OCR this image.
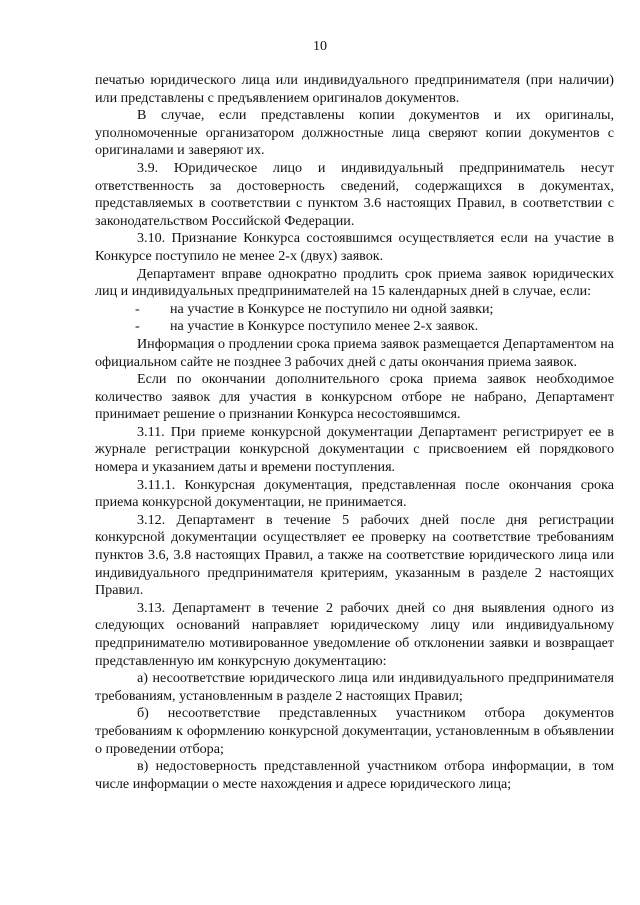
10

печатью юридического лица или индивидуального предпринимателя (при наличии) или представлены с предъявлением оригиналов документов.

В случае, если представлены копии документов и их оригиналы, уполномоченные организатором должностные лица сверяют копии документов с оригиналами и заверяют их.

3.9. Юридическое лицо и индивидуальный предприниматель несут ответственность за достоверность сведений, содержащихся в документах, представляемых в соответствии с пунктом 3.6 настоящих Правил, в соответствии с законодательством Российской Федерации.

3.10. Признание Конкурса состоявшимся осуществляется если на участие в Конкурсе поступило не менее 2-х (двух) заявок.

Департамент вправе однократно продлить срок приема заявок юридических лиц и индивидуальных предпринимателей на 15 календарных дней в случае, если:

- на участие в Конкурсе не поступило ни одной заявки;

- на участие в Конкурсе поступило менее 2-х заявок.

Информация о продлении срока приема заявок размещается Департаментом на официальном сайте не позднее 3 рабочих дней с даты окончания приема заявок.

Если по окончании дополнительного срока приема заявок необходимое количество заявок для участия в конкурсном отборе не набрано, Департамент принимает решение о признании Конкурса несостоявшимся.

3.11. При приеме конкурсной документации Департамент регистрирует ее в журнале регистрации конкурсной документации с присвоением ей порядкового номера и указанием даты и времени поступления.

3.11.1. Конкурсная документация, представленная после окончания срока приема конкурсной документации, не принимается.

3.12. Департамент в течение 5 рабочих дней после дня регистрации конкурсной документации осуществляет ее проверку на соответствие требованиям пунктов 3.6, 3.8 настоящих Правил, а также на соответствие юридического лица или индивидуального предпринимателя критериям, указанным в разделе 2 настоящих Правил.

3.13. Департамент в течение 2 рабочих дней со дня выявления одного из следующих оснований направляет юридическому лицу или индивидуальному предпринимателю мотивированное уведомление об отклонении заявки и возвращает представленную им конкурсную документацию:

а) несоответствие юридического лица или индивидуального предпринимателя требованиям, установленным в разделе 2 настоящих Правил;

б) несоответствие представленных участником отбора документов требованиям к оформлению конкурсной документации, установленным в объявлении о проведении отбора;

в) недостоверность представленной участником отбора информации, в том числе информации о месте нахождения и адресе юридического лица;
